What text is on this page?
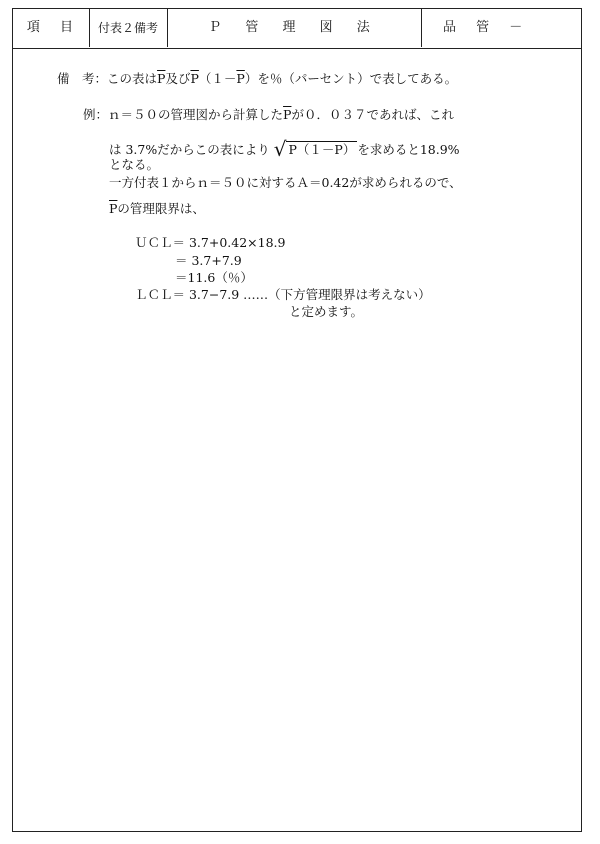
項 目	付表２備考	Ｐ 管 理 図 法	品 管 －
備　考：この表は$\overline{P}$及び$\overline{P}(1-\overline{P})$を％（パーセント）で表してある。
例：ｎ＝５０の管理図から計算した$\overline{P}$が０．０３７であれば、これ
は 3.7%だからこの表により √ $P(1-\overline{P})$ を求めると18.9%
となる。
一方付表１からｎ＝５０に対するＡ＝0.42が求められるので、
$\overline{P}$の管理限界は、
ＵＣＬ＝ 3.7+0.42×18.9
＝ 3.7+7.9
＝11.6（％）
ＬＣＬ＝ 3.7−7.9 ……（下方管理限界は考えない）
と定めます。
